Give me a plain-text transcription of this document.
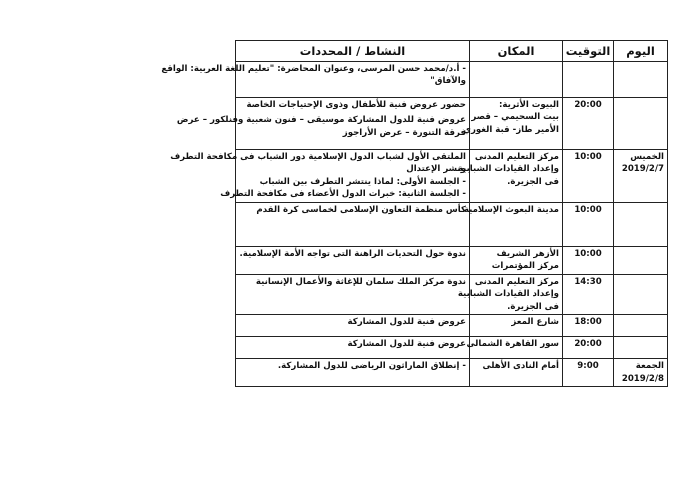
اليوم	التوقيت	المكان	النشاط / المحددات

			- أ.د/محمد حسن المرسى، وعنوان المحاضرة: "تعليم اللغة العربية: الواقع
والآفاق"

	20:00	البيوت الأثرية:
بيت السحيمي – قصر
الأمير طاز- قبة الغوري	حضور عروض فنية للأطفال وذوى الإحتياجات الخاصة
عروض فنية للدول المشاركة موسيقى – فنون شعبية وفنلكور – عرض
فرقة التنورة – عرض الأراجوز

الخميس
2019/2/7	10:00	مركز التعليم المدنى
وإعداد القيادات الشبابية
فى الجزيرة.	الملتقى الأول لشباب الدول الإسلامية دور الشباب فى مكافحة التطرف
ونشر الإعتدال
- الجلسة الأولى: لماذا ينتشر التطرف بين الشباب
- الجلسة الثانية: خبرات الدول الأعضاء فى مكافحة التطرف

	10:00	مدينة البعوث الإسلامية	كأس منظمة التعاون الإسلامى لخماسى كرة القدم

	10:00	الأزهر الشريف
مركز المؤتمرات	ندوة حول التحديات الراهنة التى تواجه الأمة الإسلامية.

	14:30	مركز التعليم المدنى
وإعداد القيادات الشبابية
فى الجزيرة.	ندوة مركز الملك سلمان للإغاثة والأعمال الإنسانية

	18:00	شارع المعز	عروض فنية للدول المشاركة

	20:00	سور القاهرة الشمالى	عروض فنية للدول المشاركة

الجمعة
2019/2/8	9:00	أمام النادى الأهلى	- إنطلاق الماراثون الرياضى للدول المشاركة.
